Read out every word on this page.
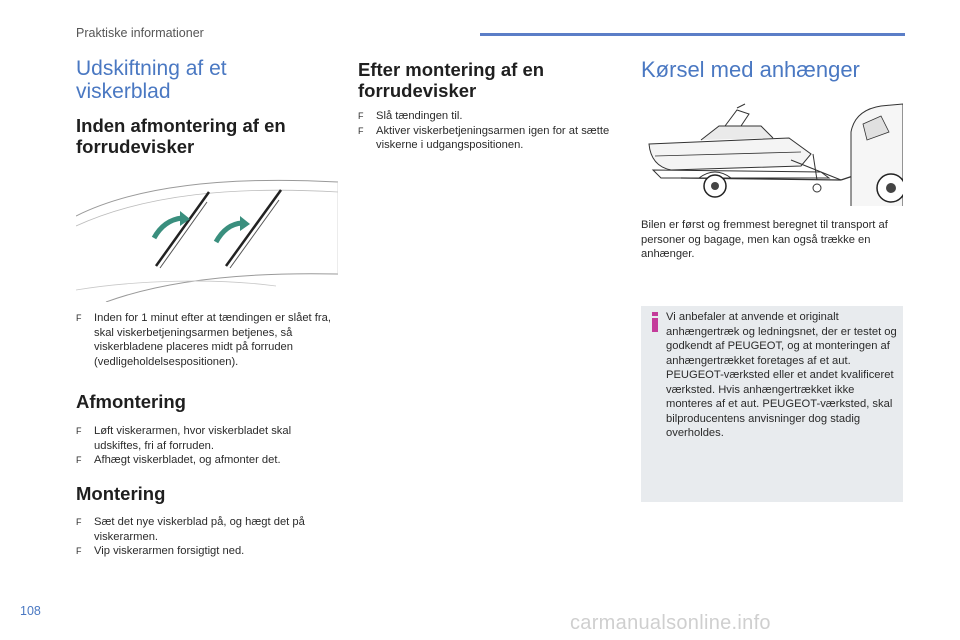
Praktiske informationer
Udskiftning af et
viskerblad
Inden afmontering af en
forrudevisker
F Inden for 1 minut efter at tændingen er slået fra, skal viskerbetjeningsarmen betjenes, så viskerbladene placeres midt på forruden (vedligeholdelsespositionen).
Afmontering
F Løft viskerarmen, hvor viskerbladet skal udskiftes, fri af forruden.
F Afhægt viskerbladet, og afmonter det.
Montering
F Sæt det nye viskerblad på, og hægt det på viskerarmen.
F Vip viskerarmen forsigtigt ned.
Efter montering af en
forrudevisker
F Slå tændingen til.
F Aktiver viskerbetjeningsarmen igen for at sætte viskerne i udgangspositionen.
Kørsel med anhænger

Bilen er først og fremmest beregnet til transport af personer og bagage, men kan også trække en anhænger.

Vi anbefaler at anvende et originalt anhængertræk og ledningsnet, der er testet og godkendt af PEUGEOT, og at monteringen af anhængertrækket foretages af et aut. PEUGEOT-værksted eller et andet kvalificeret værksted. Hvis anhængertrækket ikke monteres af et aut. PEUGEOT-værksted, skal bilproducentens anvisninger dog stadig overholdes.

108
carmanualsonline.info
